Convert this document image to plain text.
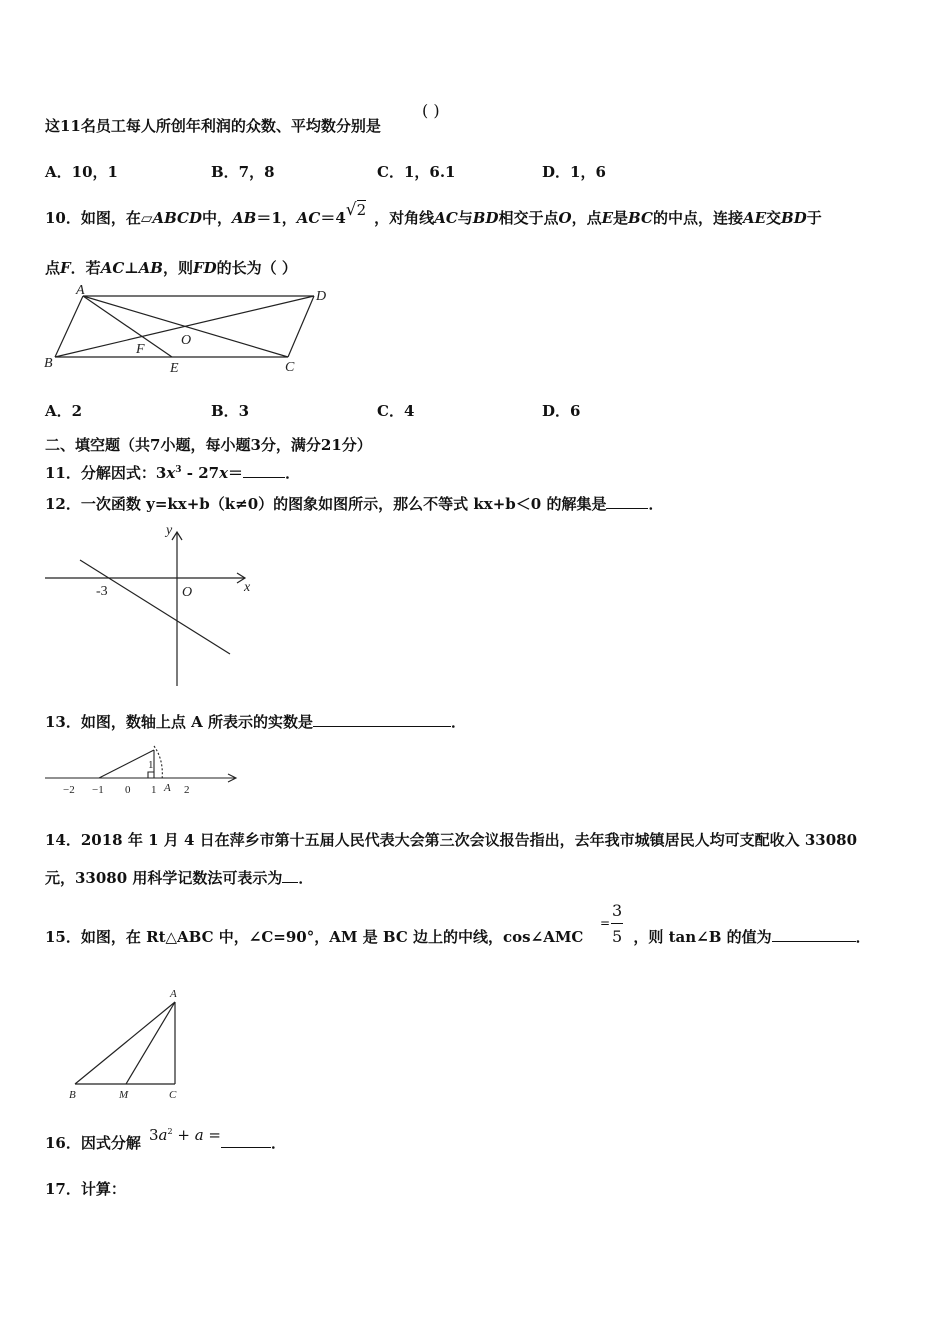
这11名员工每人所创年利润的众数、平均数分别是
( )
A．10，1	B．7，8	C．1，6.1	D．1，6
10．如图，在▱ABCD中，AB＝1，AC＝4√2 ，对角线AC与BD相交于点O，点E是BC的中点，连接AE交BD于
点F．若AC⊥AB，则FD的长为（ ）
A	D
B	C
E
F
O
A．2	B．3	C．4	D．6
二、填空题（共7小题，每小题3分，满分21分）
11．分解因式：$3x^3 - 27x=$	．
12．一次函数 y=kx+b（k≠0）的图象如图所示，那么不等式 kx+b＜0 的解集是	．
y
x
-3	O
13．如图，数轴上点 A 所表示的实数是	．
−2 −1 0 1	2
A
1
14．2018 年 1 月 4 日在萍乡市第十五届人民代表大会第三次会议报告指出，去年我市城镇居民人均可支配收入 33080
元，33080 用科学记数法可表示为 ．
15．如图，在 Rt△ABC 中，∠C=90°，AM 是 BC 边上的中线，cos∠AMC	，则 tan∠B 的值为	．
=
3
5
A
B	M	C
16．因式分解 $3a^2 + a$ =	．
17．计算：
